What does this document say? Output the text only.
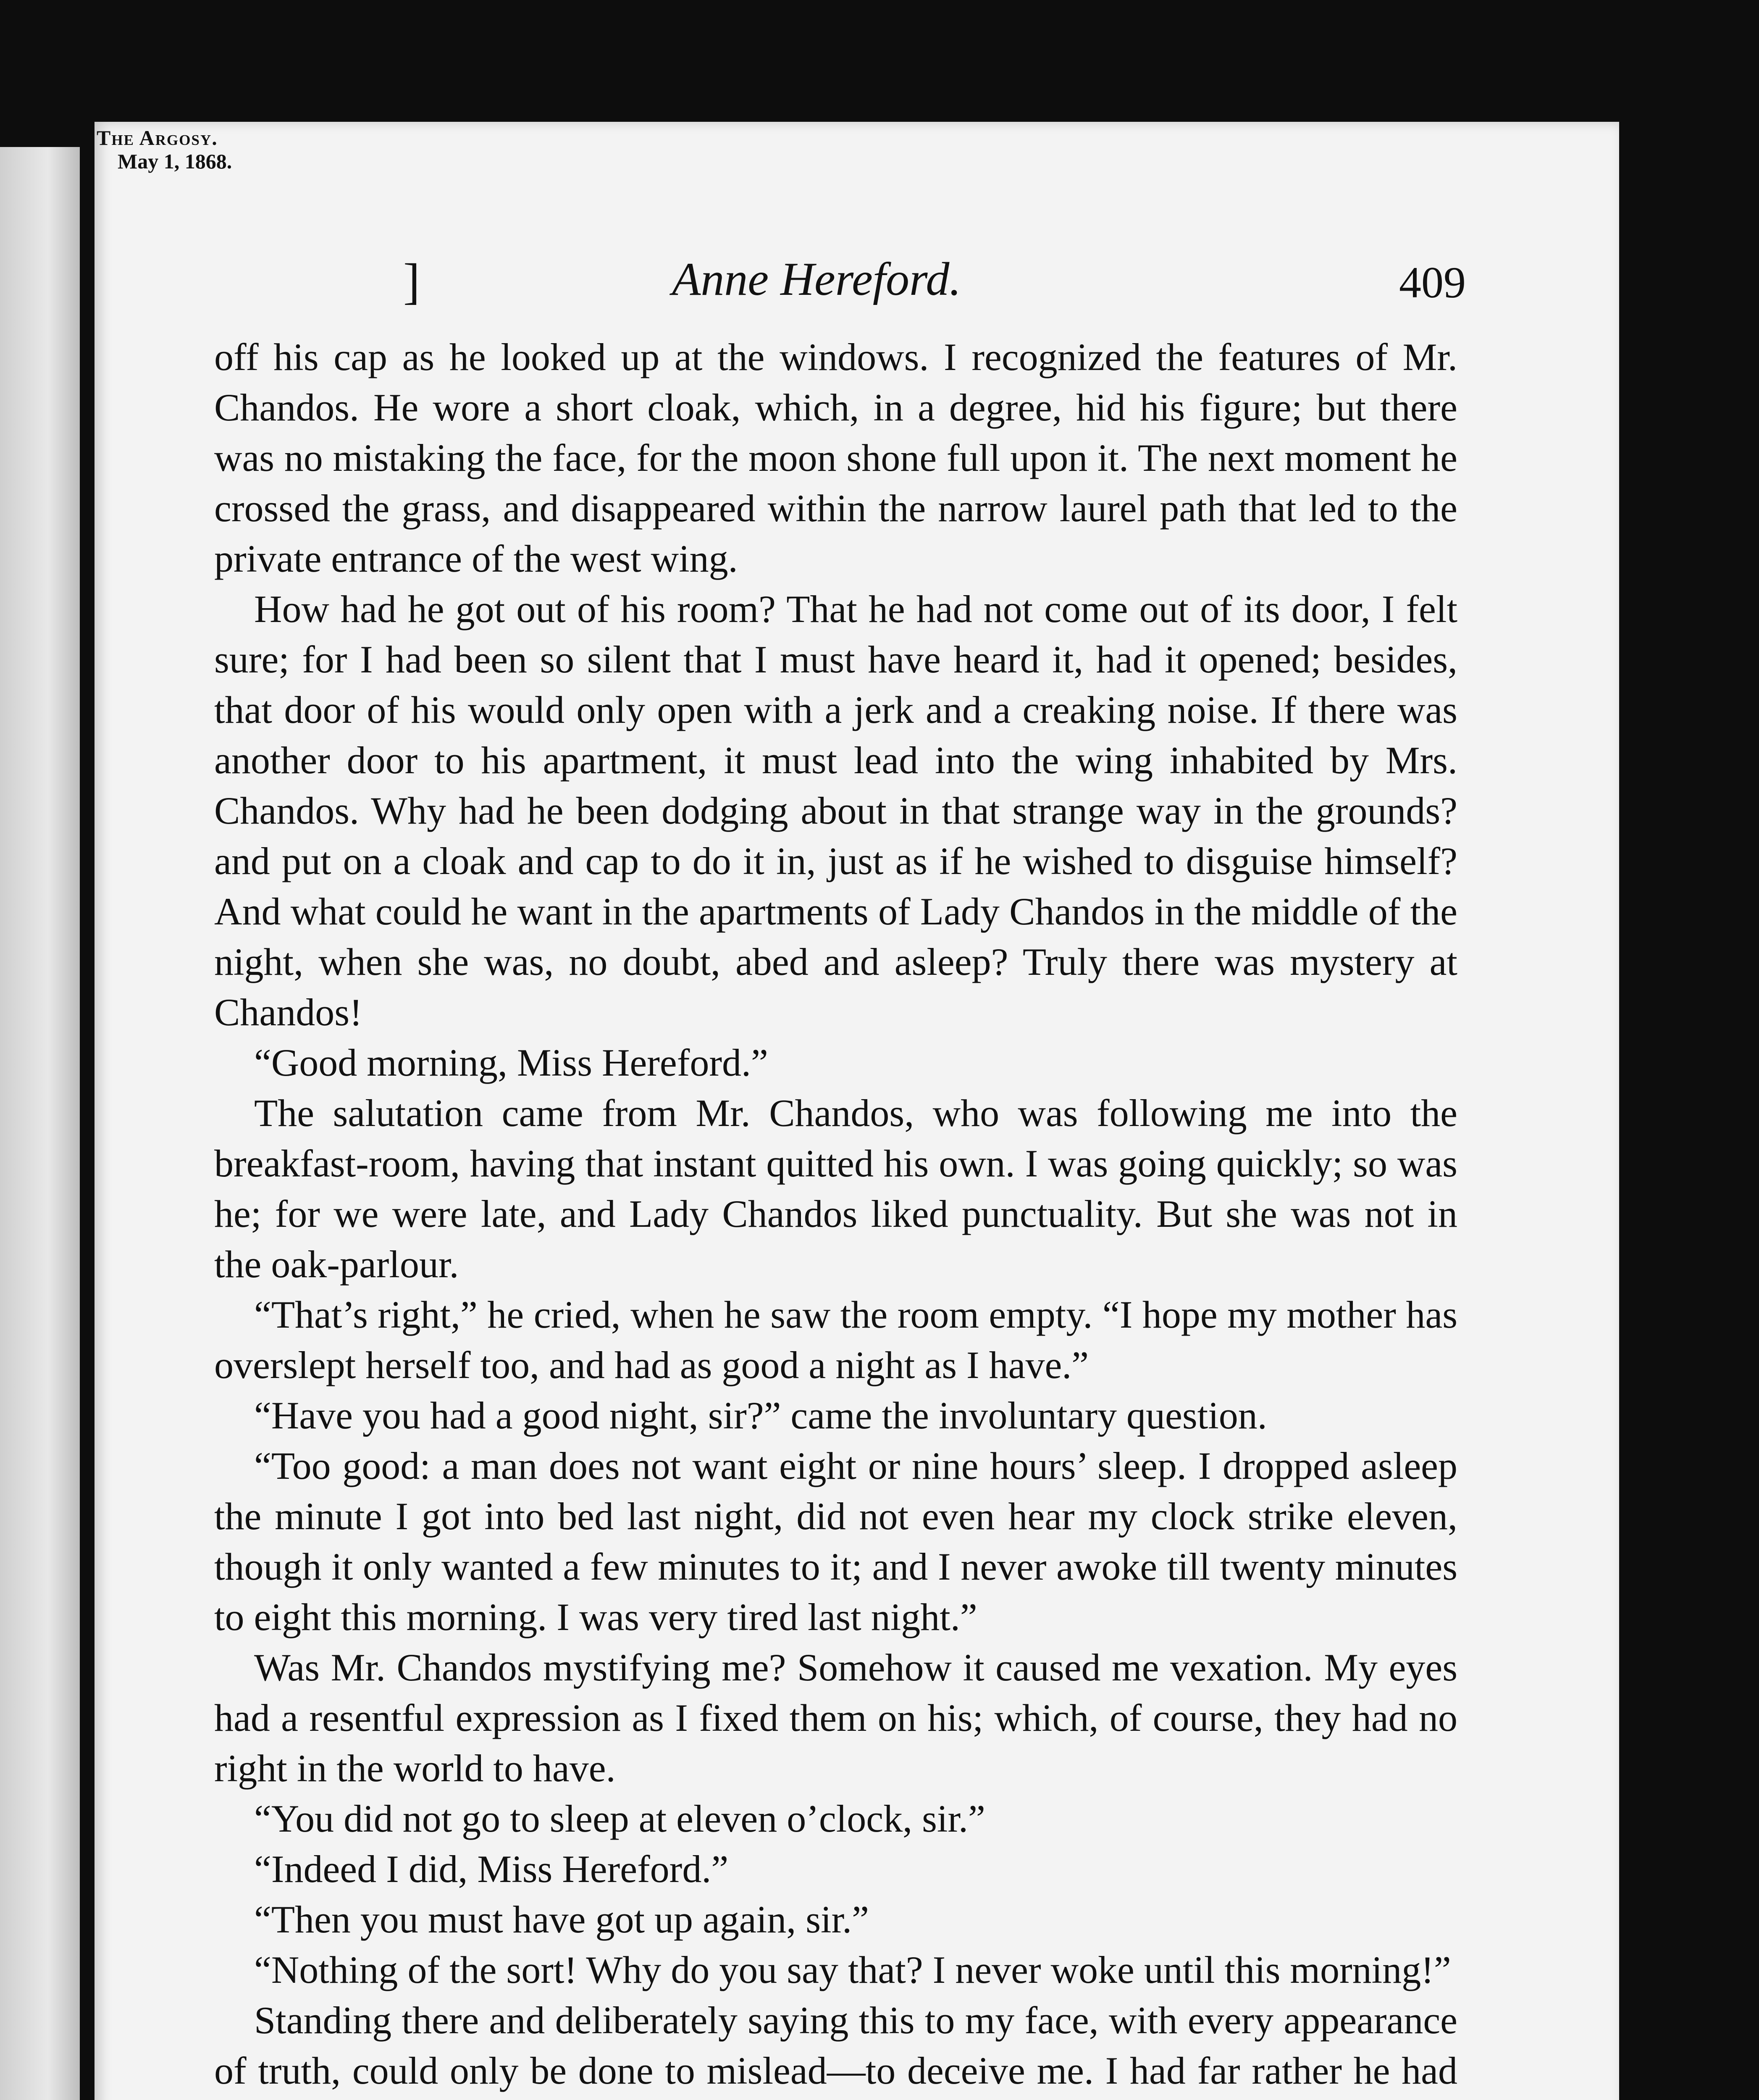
The Argosy.
May 1, 1868.
]	Anne Hereford.	409

off his cap as he looked up at the windows. I recognized the features of Mr. Chandos. He wore a short cloak, which, in a degree, hid his figure; but there was no mistaking the face, for the moon shone full upon it. The next moment he crossed the grass, and disappeared within the narrow laurel path that led to the private entrance of the west wing.

How had he got out of his room? That he had not come out of its door, I felt sure; for I had been so silent that I must have heard it, had it opened; besides, that door of his would only open with a jerk and a creaking noise. If there was another door to his apartment, it must lead into the wing inhabited by Mrs. Chandos. Why had he been dodging about in that strange way in the grounds? and put on a cloak and cap to do it in, just as if he wished to disguise himself? And what could he want in the apartments of Lady Chandos in the middle of the night, when she was, no doubt, abed and asleep? Truly there was mystery at Chandos!

“Good morning, Miss Hereford.”

The salutation came from Mr. Chandos, who was following me into the breakfast-room, having that instant quitted his own. I was going quickly; so was he; for we were late, and Lady Chandos liked punctuality. But she was not in the oak-parlour.

“That’s right,” he cried, when he saw the room empty. “I hope my mother has overslept herself too, and had as good a night as I have.”

“Have you had a good night, sir?” came the involuntary question.

“Too good: a man does not want eight or nine hours’ sleep. I dropped asleep the minute I got into bed last night, did not even hear my clock strike eleven, though it only wanted a few minutes to it; and I never awoke till twenty minutes to eight this morning. I was very tired last night.”

Was Mr. Chandos mystifying me? Somehow it caused me vexation. My eyes had a resentful expression as I fixed them on his; which, of course, they had no right in the world to have.

“You did not go to sleep at eleven o’clock, sir.”

“Indeed I did, Miss Hereford.”

“Then you must have got up again, sir.”

“Nothing of the sort! Why do you say that? I never woke until this morning!”

Standing there and deliberately saying this to my face, with every appearance of truth, could only be done to mislead—to deceive me. I had far rather he had
